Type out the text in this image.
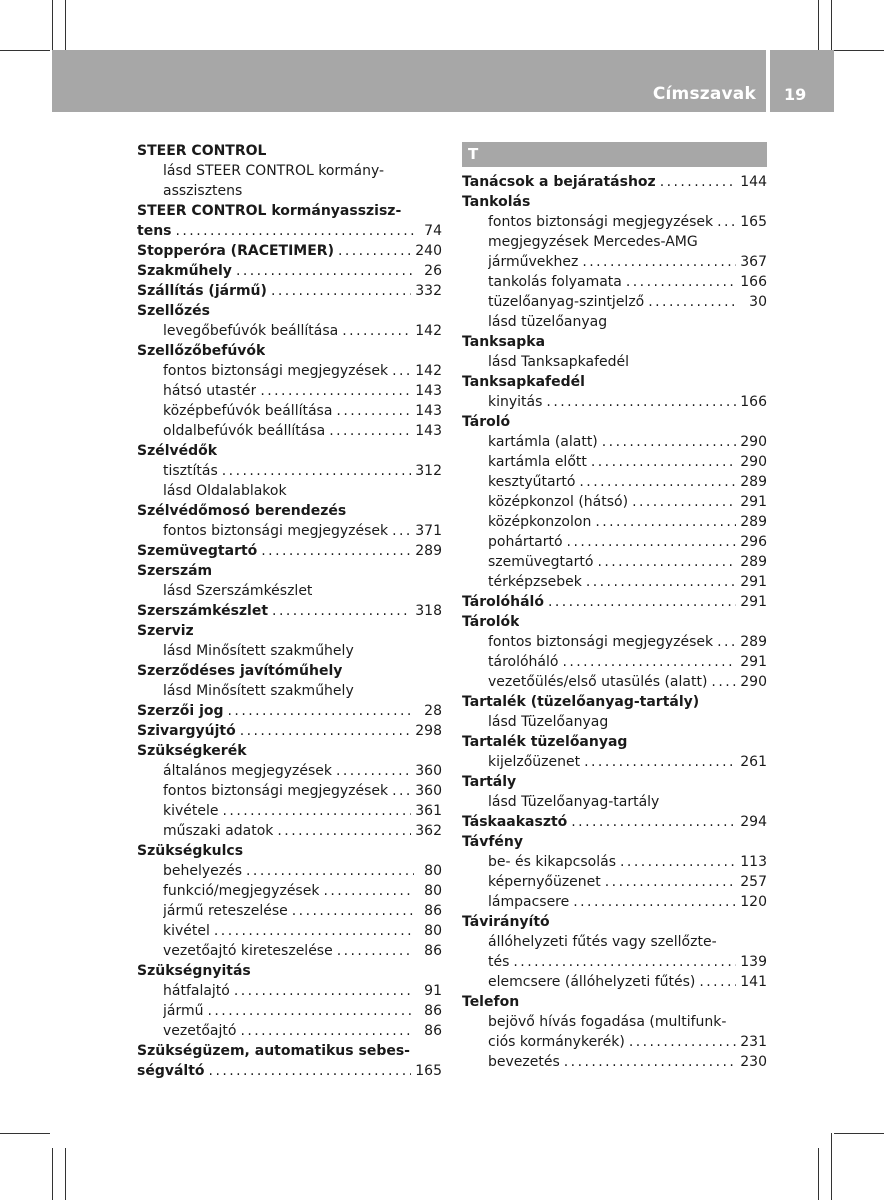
Címszavak 19
STEER CONTROL
lásd STEER CONTROL kormány-
asszisztens
STEER CONTROL kormányasszisz-
tens . . .	74
Stopperóra (RACETIMER) . . .	240
Szakműhely . . .	26
Szállítás (jármű) . . .	332
Szellőzés
levegőbefúvók beállítása . . .	142
Szellőzőbefúvók
fontos biztonsági megjegyzések . . . 142
hátsó utastér . . .	143
középbefúvók beállítása . . .	143
oldalbefúvók beállítása . . .	143
Szélvédők
tisztítás . . .	312
lásd Oldalablakok
Szélvédőmosó berendezés
fontos biztonsági megjegyzések . . . 371
Szemüvegtartó . . .	289
Szerszám
lásd Szerszámkészlet
Szerszámkészlet . . .	318
Szerviz
lásd Minősített szakműhely
Szerződéses javítóműhely
lásd Minősített szakműhely
Szerzői jog . . .	28
Szivargyújtó . . .	298
Szükségkerék
általános megjegyzések . . .	360
fontos biztonsági megjegyzések . . . 360
kivétele . . .	361
műszaki adatok . . .	362
Szükségkulcs
behelyezés . . .	80
funkció/megjegyzések . . .	80
jármű reteszelése . . .	86
kivétel . . .	80
vezetőajtó kireteszelése . . .	86
Szükségnyitás
hátfalajtó . . .	91
jármű . . .	86
vezetőajtó . . .	86
Szükségüzem, automatikus sebes-
ségváltó . . .	165
T
Tanácsok a bejáratáshoz . . .	144
Tankolás
fontos biztonsági megjegyzések . . . 165
megjegyzések Mercedes-AMG
járművekhez . . .	367
tankolás folyamata . . .	166
tüzelőanyag-szintjelző . . .	30
lásd tüzelőanyag
Tanksapka
lásd Tanksapkafedél
Tanksapkafedél
kinyitás . . .	166
Tároló
kartámla (alatt) . . .	290
kartámla előtt . . .	290
kesztyűtartó . . .	289
középkonzol (hátsó) . . .	291
középkonzolon . . .	289
pohártartó . . .	296
szemüvegtartó . . .	289
térképzsebek . . .	291
Tárolóháló . . .	291
Tárolók
fontos biztonsági megjegyzések . . . 289
tárolóháló . . .	291
vezetőülés/első utasülés (alatt) . . . 290
Tartalék (tüzelőanyag-tartály)
lásd Tüzelőanyag
Tartalék tüzelőanyag
kijelzőüzenet . . .	261
Tartály
lásd Tüzelőanyag-tartály
Táskaakasztó . . .	294
Távfény
be- és kikapcsolás . . .	113
képernyőüzenet . . .	257
lámpacsere . . .	120
Távirányító
állóhelyzeti fűtés vagy szellőzte-
tés . . .	139
elemcsere (állóhelyzeti fűtés) . . .	141
Telefon
bejövő hívás fogadása (multifunk-
ciós kormánykerék) . . .	231
bevezetés . . .	230
